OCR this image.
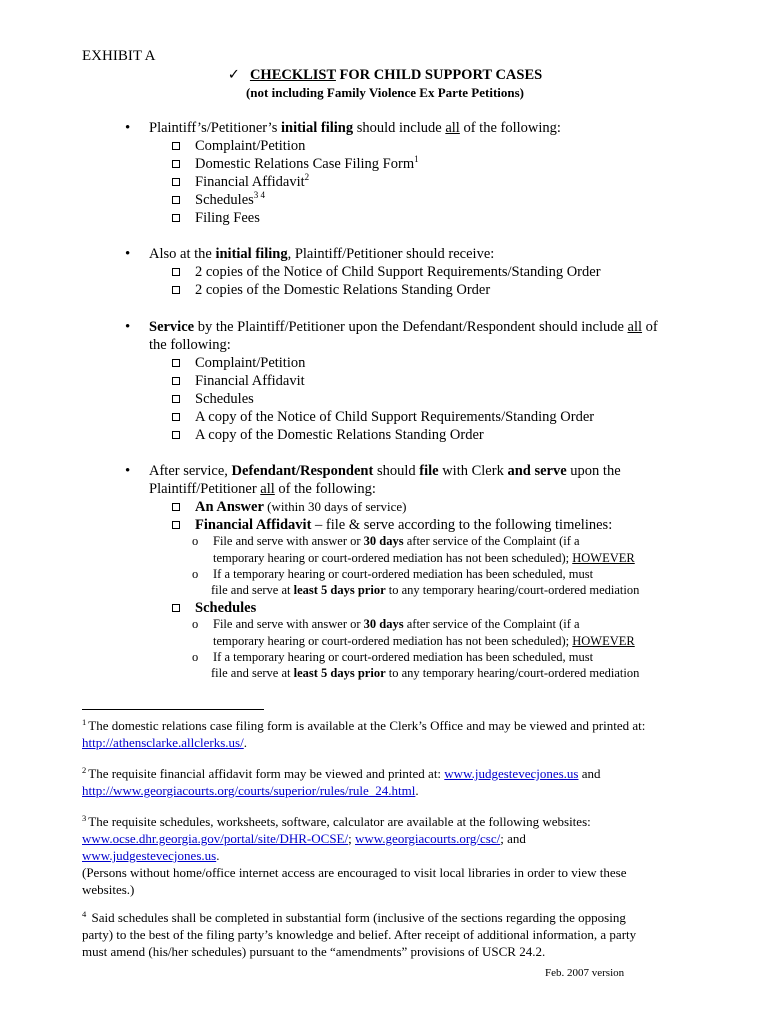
EXHIBIT A
✓ CHECKLIST FOR CHILD SUPPORT CASES
(not including Family Violence Ex Parte Petitions)
• Plaintiff’s/Petitioner’s initial filing should include all of the following:
Complaint/Petition
Domestic Relations Case Filing Form$^1$
Financial Affidavit$^2$
Schedules$^{3 4}$
Filing Fees
• Also at the initial filing, Plaintiff/Petitioner should receive:
2 copies of the Notice of Child Support Requirements/Standing Order
2 copies of the Domestic Relations Standing Order
• Service by the Plaintiff/Petitioner upon the Defendant/Respondent should include all of
the following:
Complaint/Petition
Financial Affidavit
Schedules
A copy of the Notice of Child Support Requirements/Standing Order
A copy of the Domestic Relations Standing Order
• After service, Defendant/Respondent should file with Clerk and serve upon the
Plaintiff/Petitioner all of the following:
An Answer (within 30 days of service)
Financial Affidavit – file & serve according to the following timelines:
o File and serve with answer or 30 days after service of the Complaint (if a
temporary hearing or court-ordered mediation has not been scheduled); HOWEVER
o If a temporary hearing or court-ordered mediation has been scheduled, must
file and serve at least 5 days prior to any temporary hearing/court-ordered mediation
Schedules
o File and serve with answer or 30 days after service of the Complaint (if a
temporary hearing or court-ordered mediation has not been scheduled); HOWEVER
o If a temporary hearing or court-ordered mediation has been scheduled, must
file and serve at least 5 days prior to any temporary hearing/court-ordered mediation
$^1$ The domestic relations case filing form is available at the Clerk’s Office and may be viewed and printed at:
http://athensclarke.allclerks.us/.
$^2$ The requisite financial affidavit form may be viewed and printed at: www.judgestevecjones.us and
http://www.georgiacourts.org/courts/superior/rules/rule_24.html.
$^3$ The requisite schedules, worksheets, software, calculator are available at the following websites:
www.ocse.dhr.georgia.gov/portal/site/DHR-OCSE/; www.georgiacourts.org/csc/; and
www.judgestevecjones.us.
(Persons without home/office internet access are encouraged to visit local libraries in order to view these
websites.)
$^4$ Said schedules shall be completed in substantial form (inclusive of the sections regarding the opposing
party) to the best of the filing party’s knowledge and belief. After receipt of additional information, a party
must amend (his/her schedules) pursuant to the “amendments” provisions of USCR 24.2.
Feb. 2007 version
